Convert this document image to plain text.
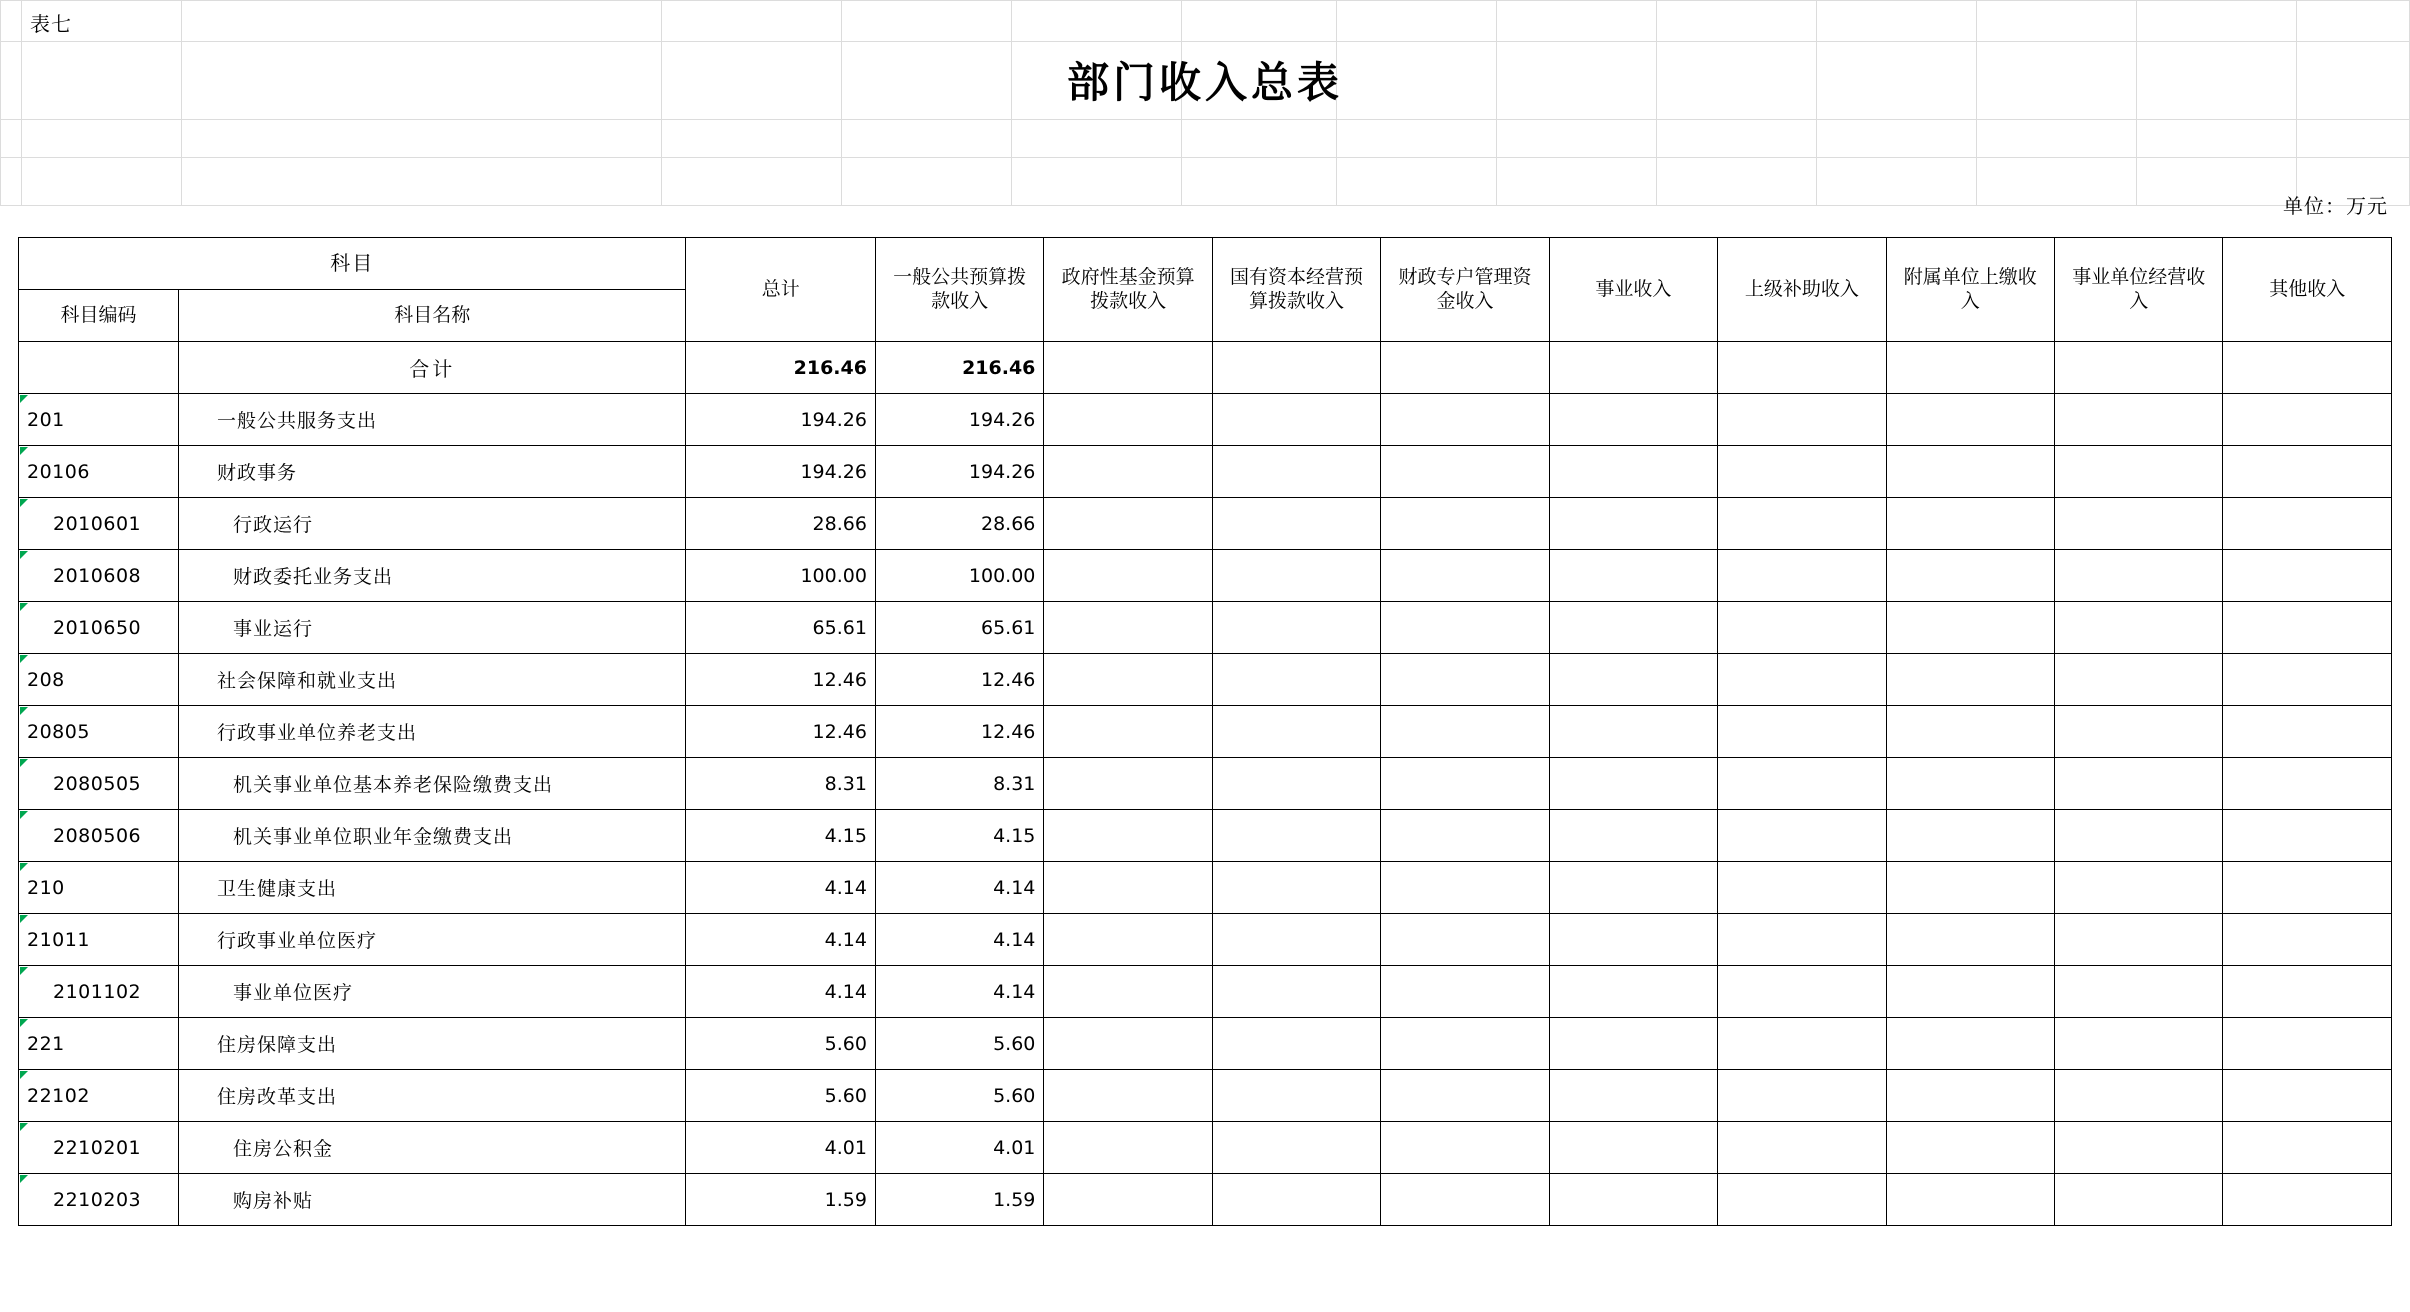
表七
部门收入总表
单位：万元
科目		总计	一般公共预算拨款收入	政府性基金预算拨款收入	国有资本经营预算拨款收入	财政专户管理资金收入	事业收入	上级补助收入	附属单位上缴收入	事业单位经营收入	其他收入
科目编码	科目名称										
	合计	216.46	216.46								
201	一般公共服务支出	194.26	194.26								
20106	财政事务	194.26	194.26								
2010601	行政运行	28.66	28.66								
2010608	财政委托业务支出	100.00	100.00								
2010650	事业运行	65.61	65.61								
208	社会保障和就业支出	12.46	12.46								
20805	行政事业单位养老支出	12.46	12.46								
2080505	机关事业单位基本养老保险缴费支出	8.31	8.31								
2080506	机关事业单位职业年金缴费支出	4.15	4.15								
210	卫生健康支出	4.14	4.14								
21011	行政事业单位医疗	4.14	4.14								
2101102	事业单位医疗	4.14	4.14								
221	住房保障支出	5.60	5.60								
22102	住房改革支出	5.60	5.60								
2210201	住房公积金	4.01	4.01								
2210203	购房补贴	1.59	1.59								
